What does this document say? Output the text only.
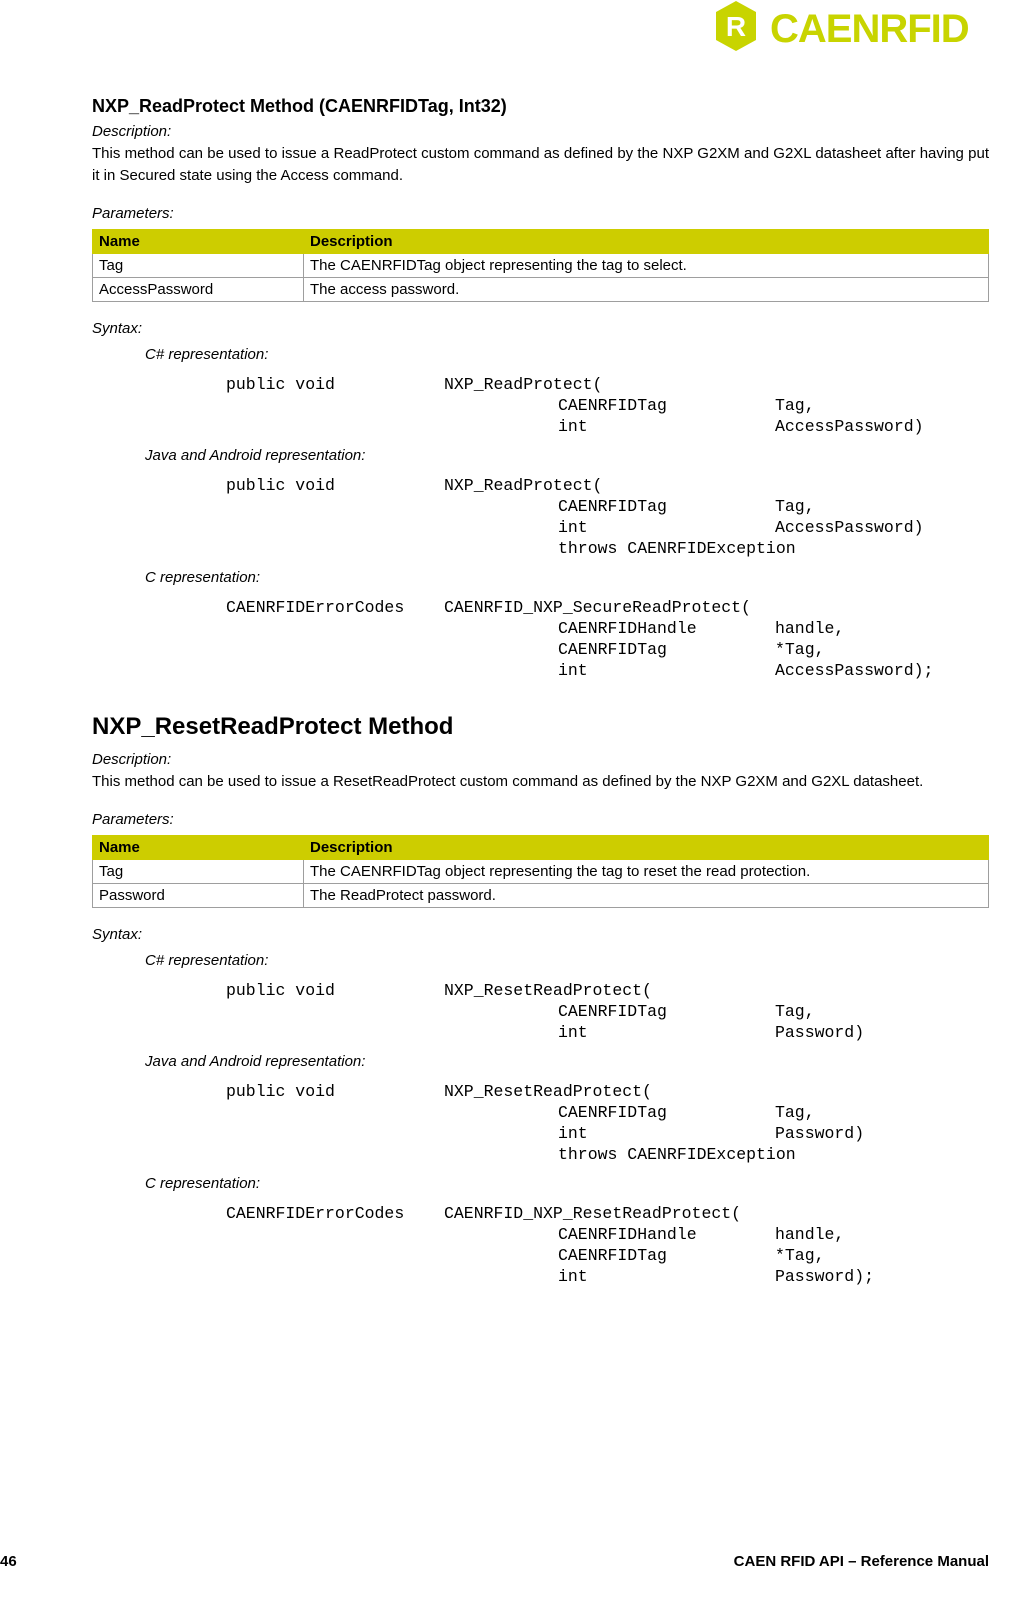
R CAENRFID
NXP_ReadProtect Method (CAENRFIDTag, Int32)
Description:
This method can be used to issue a ReadProtect custom command as defined by the NXP G2XM and G2XL datasheet after having put it in Secured state using the Access command.
Parameters:
Name	Description
Tag	The CAENRFIDTag object representing the tag to select.
AccessPassword	The access password.
Syntax:
C# representation:
public void	NXP_ReadProtect(
CAENRFIDTag	Tag,
int	AccessPassword)
Java and Android representation:
public void	NXP_ReadProtect(
CAENRFIDTag	Tag,
int	AccessPassword)
throws CAENRFIDException
C representation:
CAENRFIDErrorCodes CAENRFID_NXP_SecureReadProtect(
CAENRFIDHandle	handle,
CAENRFIDTag	*Tag,
int	AccessPassword);
NXP_ResetReadProtect Method
Description:
This method can be used to issue a ResetReadProtect custom command as defined by the NXP G2XM and G2XL datasheet.
Parameters:
Name	Description
Tag	The CAENRFIDTag object representing the tag to reset the read protection.
Password	The ReadProtect password.
Syntax:
C# representation:
public void	NXP_ResetReadProtect(
CAENRFIDTag	Tag,
int	Password)
Java and Android representation:
public void	NXP_ResetReadProtect(
CAENRFIDTag	Tag,
int	Password)
throws CAENRFIDException
C representation:
CAENRFIDErrorCodes CAENRFID_NXP_ResetReadProtect(
CAENRFIDHandle	handle,
CAENRFIDTag	*Tag,
int	Password);
46	CAEN RFID API – Reference Manual
